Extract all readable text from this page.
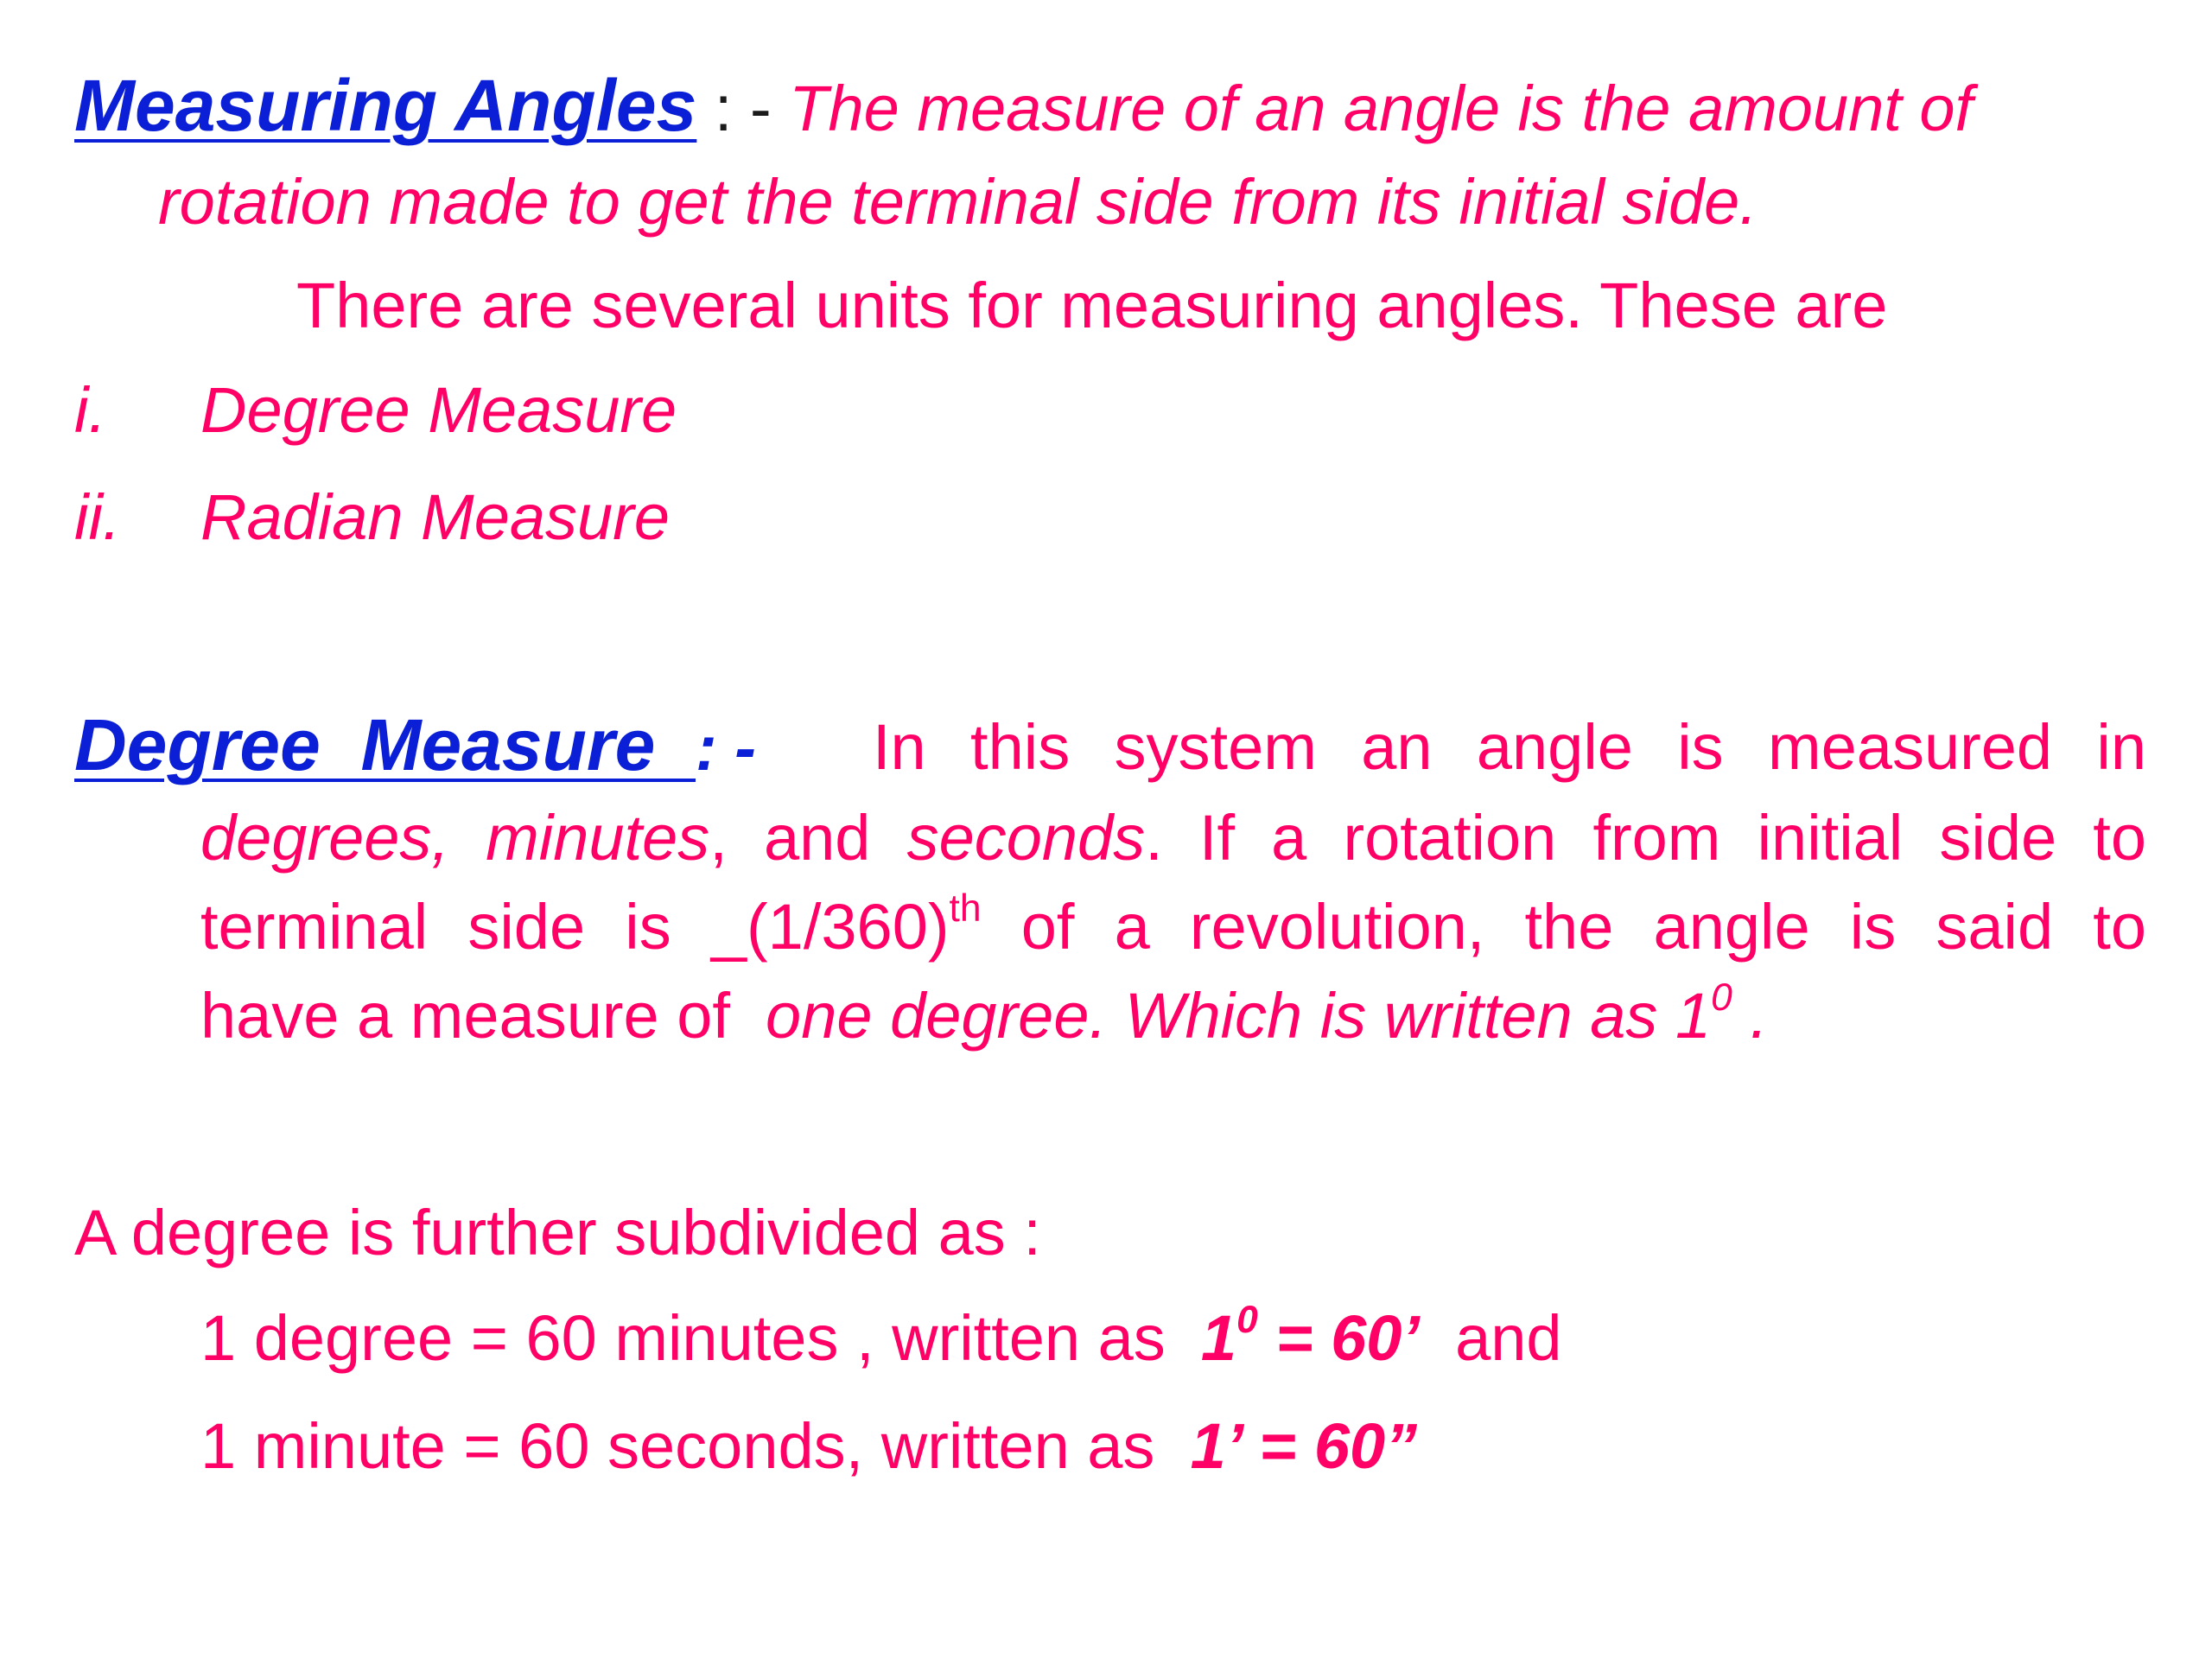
Measuring Angles : - The measure of an angle is the amount of
rotation made to get the terminal side from its initial side.
There are several units for measuring angles. These are
i. Degree Measure
ii. Radian Measure
Degree  Measure  : - In this system an angle is measured in
degrees, minutes, and seconds. If a rotation from initial side to
terminal side is $\_(1/360)^{th}$ of a revolution, the angle is said to
have a measure of  one degree. Which is written as $1^0$ .
A degree is further subdivided as :
1 degree = 60 minutes , written as  $1^0 = 60$’  and
1 minute = 60 seconds, written as  1’ = 60”
